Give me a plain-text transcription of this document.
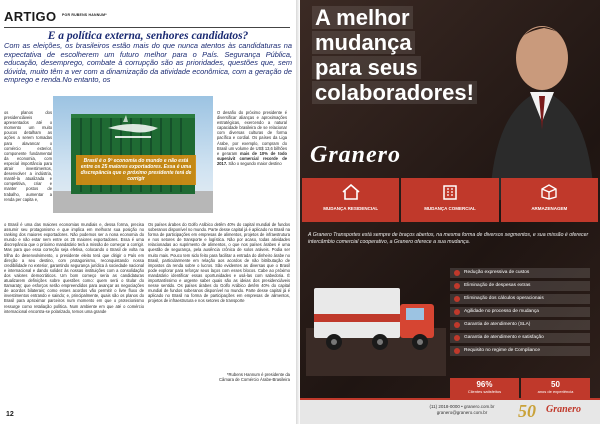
ARTIGO POR RUBENS HANNUM*
E a política externa, senhores candidatos?
Com as eleições, os brasileiros estão mais do que nunca atentos às candidaturas na expectativa de escolherem um futuro melhor para o País. Segurança Pública, educação, desemprego, combate à corrupção são as prioridades, questões que, sem dúvida, muito têm a ver com a dinamização da atividade econômica, com a geração de emprego e renda.No entanto, os
os planos dos presidenciáveis apresentados até o momento um muito poucos detalham as ações a serem tomadas para alavancar o comércio exterior, componente fundamental da economia, com especial importância para atrair investimentos, desenvolver a indústria, mantê-la atualizada e competitiva, criar e manter postos de trabalho, aumentar a renda per capita e,
Brasil é o 9º economia do mundo e não está entre os 25 maiores exportadores. Essa é uma discrepância que o próximo presidente terá de corrigir
O desafio do próximo presidente é diversificar alianças e aproximações estratégicas, exercendo a natural capacidade brasileira de se relacionar com diversas culturas de forma pacífica e cordial. Os países da Liga Árabe, por exemplo, compram do Brasil um volume de US$ 13,6 bilhões e geraram mais de 10% de todo superávit comercial recorde de 2017. São o segundo maior destino
o Brasil é uma das maiores economias mundiais e, dessa forma, precisa assumir seu protagonismo e que implica em melhorar sua posição no ranking dos maiores exportadores. Não podemos ser a nona economia do mundo e não estar nem entre os 25 maiores exportadores. Essa é uma discrepância que o próximo mandatário terá a missão de começar a corrigir. Mas para que essa correção seja efetiva, colocando o Brasil de volta na trilha do desenvolvimento, o presidente eleito terá que dirigir o País em direção a seu destino, com protagonismo, reconquistando nossa credibilidade no exterior, garantindo segurança jurídica à sociedade nacional e internacional e dando solidez às nossas instituições com a consolidação dos valores democráticos. Um bom começo seria as candidaturas atualizarem definições sobre questões como: quem será o titular do Itamaraty; que esforços serão empreendidos para avançar as negociações de acordos bilaterais; como esses acordos vão permitir o livre fluxo de investimentos entrando e saindo; e, principalmente, quais são os planos do Brasil para aproximar parceiros num momento em que o protecionismo ressurge como retaliação política. Num ambiente em que até o comércio internacional encontra-se polarizado, temos uma grande
Os países árabes do Golfo Arábico detêm 40% do capital mundial de fundos soberanos disponível no mundo. Parte desse capital já é aplicado no Brasil na forma de participações em empresas de alimentos, projetos de infraestrutura e nos setores de transporte e logística. Não por acaso, todas atividades relacionadas ao suprimento de alimentos, o que nos países árabes é uma questão de segurança, pela ausência crônica de solos aráveis. Podia ser muito mais. Pouco tem sido feito para facilitar a entrada do dinheiro árabe no Brasil, particularmente em relação aos acordos de não bitributação de impostos da renda sobre o lucros. São evidentes as diversas que o Brasil pode explorar para reforçar seus laços com esses blocos. Cabe ao próximo mandatário identificar essas oportunidades e usá-las com sabedoria. É importantíssimo e urgente saber quais são as ideias dos presidenciáveis nesse sentido. Os países árabes do Golfo Arábico detêm 40% do capital mundial de fundos soberanos disponível no mundo. Parte desse capital já é aplicado no Brasil na forma de participações em empresas de alimentos, projetos de infraestrutura e nos setores de transporte
*Rubens Hannum é presidente da
Câmara de Comércio Árabe-Brasileira
12
A melhor
mudança
para seus
colaboradores!
Granero
MUDANÇA RESIDENCIAL	MUDANÇA COMERCIAL	ARMAZENAGEM
A Granero Transportes está sempre de braços abertos, na mesma forma de diversos segmentos, e sua missão é oferecer intercâmbio comercial cooperativo, a Granero oferece a sua mudança.
Redução expressiva de custos
Eliminação de despesas extras
Eliminação dos cálculos operacionais
Agilidade no processo de mudança
Garantia de atendimento (SLA)
Garantia de atendimento e satisfação
Requisito no regime de Compliance
96%
Clientes satisfeitos
50
anos de experiência
(11) 2018-0000 • granero.com.br
granero@granero.com.br	50 Granero
